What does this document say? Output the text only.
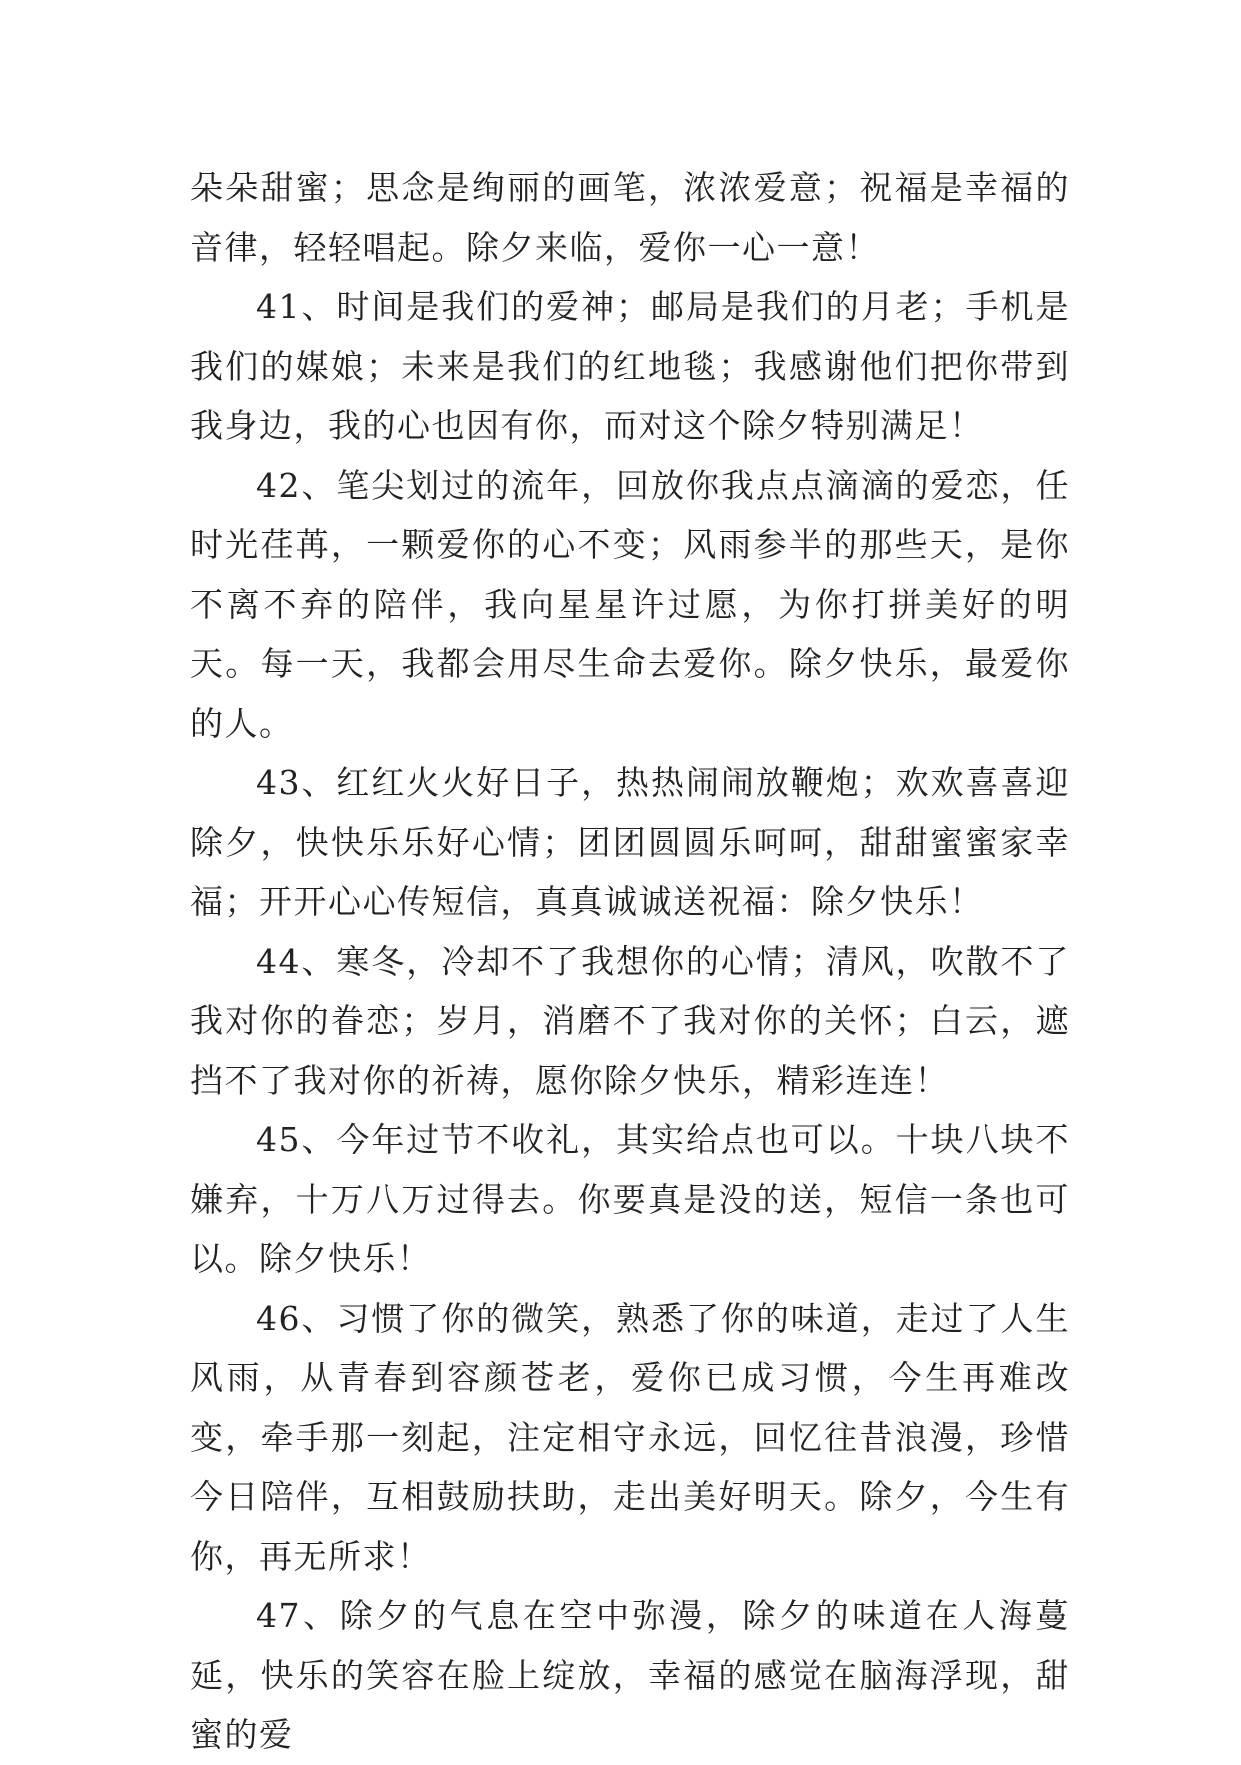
朵朵甜蜜；思念是绚丽的画笔，浓浓爱意；祝福是幸福的音律，轻轻唱起。除夕来临，爱你一心一意！

41、时间是我们的爱神；邮局是我们的月老；手机是我们的媒娘；未来是我们的红地毯；我感谢他们把你带到我身边，我的心也因有你，而对这个除夕特别满足！

42、笔尖划过的流年，回放你我点点滴滴的爱恋，任时光荏苒，一颗爱你的心不变；风雨参半的那些天，是你不离不弃的陪伴，我向星星许过愿，为你打拼美好的明天。每一天，我都会用尽生命去爱你。除夕快乐，最爱你的人。

43、红红火火好日子，热热闹闹放鞭炮；欢欢喜喜迎除夕，快快乐乐好心情；团团圆圆乐呵呵，甜甜蜜蜜家幸福；开开心心传短信，真真诚诚送祝福：除夕快乐！

44、寒冬，冷却不了我想你的心情；清风，吹散不了我对你的眷恋；岁月，消磨不了我对你的关怀；白云，遮挡不了我对你的祈祷，愿你除夕快乐，精彩连连！

45、今年过节不收礼，其实给点也可以。十块八块不嫌弃，十万八万过得去。你要真是没的送，短信一条也可以。除夕快乐！

46、习惯了你的微笑，熟悉了你的味道，走过了人生风雨，从青春到容颜苍老，爱你已成习惯，今生再难改变，牵手那一刻起，注定相守永远，回忆往昔浪漫，珍惜今日陪伴，互相鼓励扶助，走出美好明天。除夕，今生有你，再无所求！

47、除夕的气息在空中弥漫，除夕的味道在人海蔓延，快乐的笑容在脸上绽放，幸福的感觉在脑海浮现，甜蜜的爱
